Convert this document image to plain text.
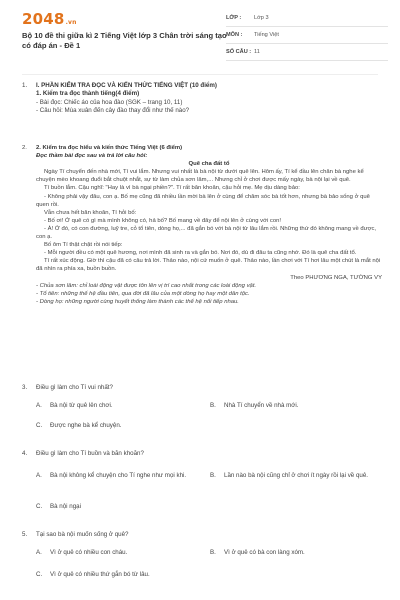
2048.vn
Bộ 10 đề thi giữa kì 2 Tiếng Việt lớp 3 Chân trời sáng tạo có đáp án - Đề 1
LỚP :	Lớp 3
MÔN :	Tiếng Việt
SỐ CÂU : 11
1.	I. PHẦN KIỂM TRA ĐỌC VÀ KIẾN THỨC TIẾNG VIỆT (10 điểm)
1. Kiểm tra đọc thành tiếng(4 điểm)
- Bài đọc: Chiếc áo của hoa đào (SGK – trang 10, 11)
- Câu hỏi: Mùa xuân đến cây đào thay đổi như thế nào?
2.	2. Kiểm tra đọc hiểu và kiến thức Tiếng Việt (6 điểm)
Đọc thầm bài đọc sau và trả lời câu hỏi:
Quê cha đất tổ
Ngày Tí chuyển đến nhà mới, Tí vui lắm. Nhưng vui nhất là bà nội từ dưới quê lên. Hôm ấy, Tí kể đầu lên chăn bà nghe kể chuyện mèo khoang đuổi bắt chuột nhắt, sự từ làm chủa sơn lâm,... Nhưng chỉ ở chơi được mấy ngày, bà nội lại về quê.
Tí buồn lắm. Cậu nghĩ: "Hay là vì bà ngại phiền?". Tí rất băn khoăn, cậu hỏi mẹ. Mẹ dịu dàng bảo:
- Không phải vậy đâu, con ạ. Bố mẹ cũng đã nhiều lần mời bà lên ở cùng để chăm sóc bà tốt hơn, nhưng bà bảo sống ở quê quen rồi.
Vẫn chưa hết băn khoăn, Tí hỏi bố:
- Bố ơi! Ở quê có gì mà mình không có, hả bố? Bố mang về đây để nội lên ở cùng với con!
- À! Ở đó, có con đường, luỹ tre, cỏ tổ tiên, dòng họ,... đã gắn bó với bà nội từ lâu lắm rồi. Những thứ đó không mang về được, con ạ.
Bố ôm Tí thật chặt rồi nói tiếp:
- Mỗi người đều có một quê hương, nơi mình đã sinh ra và gắn bó. Nơi đó, dù đi đâu ta cũng nhớ. Đó là quê cha đất tổ.
Tí rất xúc động. Giờ thì cậu đã có câu trả lời. Thảo nào, nội cứ muốn ở quê. Thảo nào, lần chơi với Tí hơi lâu một chút là mắt nội đã nhìn ra phía xa, buồn buồn.
Theo PHƯƠNG NGA, TƯỜNG VY
- Chủa sơn lâm: chỉ loài động vật được tôn lên vị trí cao nhất trong các loài động vật.
- Tổ tiên: những thế hệ đầu tiên, qua đời đã lâu của một dòng họ hay một dân tộc.
- Dòng họ: những người cùng huyết thống làm thành các thế hệ nối tiếp nhau.
3.	Điều gì làm cho Tí vui nhất?
A.	Bà nội từ quê lên chơi.	B.	Nhà Tí chuyển về nhà mới.
C.	Được nghe bà kể chuyện.
4.	Điều gì làm cho Tí buồn và băn khoăn?
A.	Bà nội không kể chuyện cho Tí nghe như mọi khi.	B.	Lần nào bà nội cũng chỉ ở chơi ít ngày rồi lại về quê.
C.	Bà nội ngại
5.	Tại sao bà nội muốn sống ở quê?
A.	Vì ở quê có nhiều con cháu.	B.	Vì ở quê có bà con làng xóm.
C.	Vì ở quê có nhiều thứ gắn bó từ lâu.
